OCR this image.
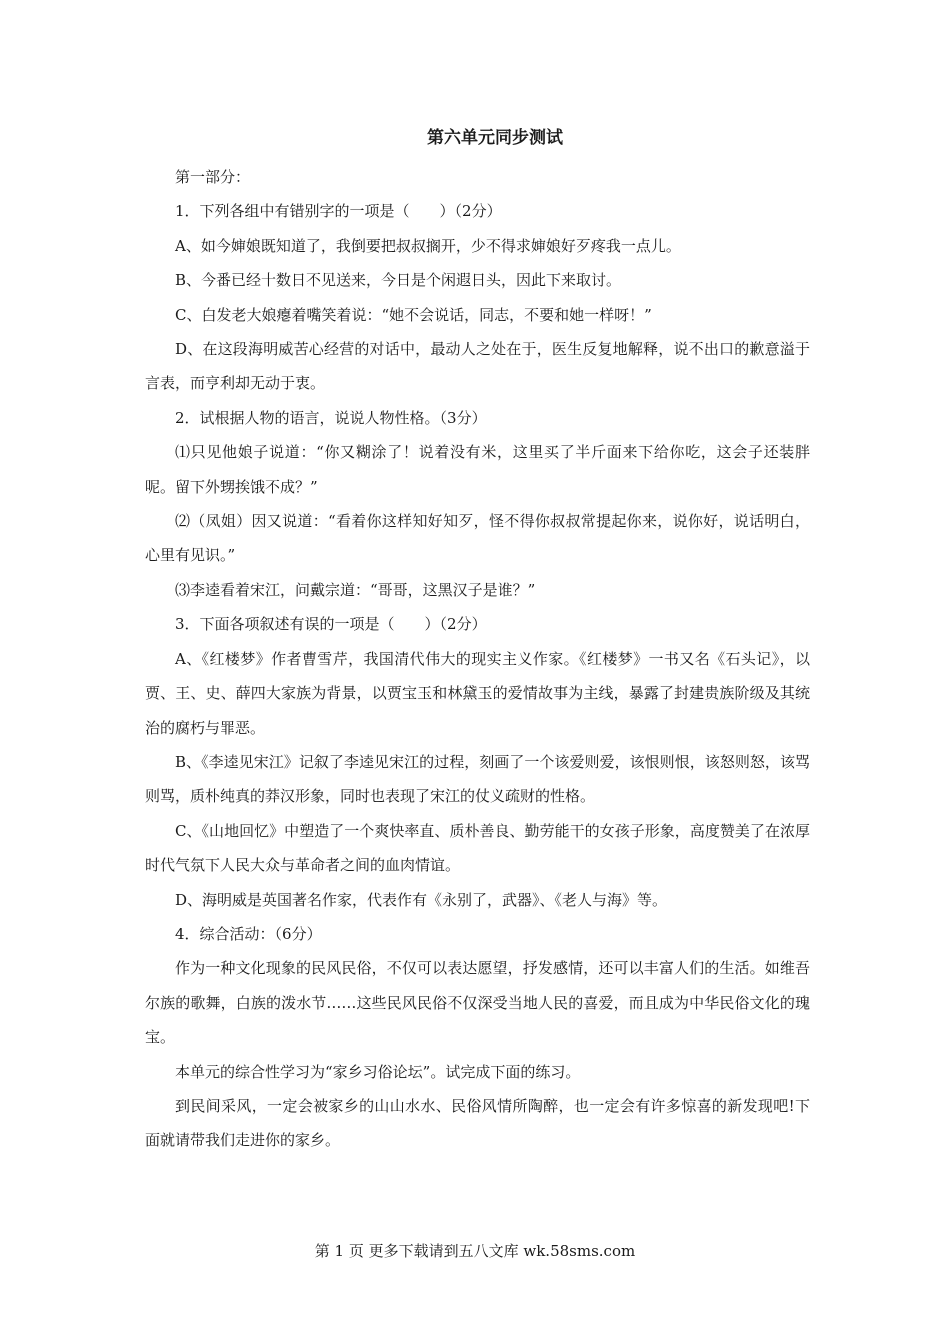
第六单元同步测试

第一部分：

1．下列各组中有错别字的一项是（　　）（2分）

A、如今婶娘既知道了，我倒要把叔叔搁开，少不得求婶娘好歹疼我一点儿。

B、今番已经十数日不见送来，今日是个闲遐日头，因此下来取讨。

C、白发老大娘瘪着嘴笑着说：“她不会说话，同志，不要和她一样呀！”

D、在这段海明威苦心经营的对话中，最动人之处在于，医生反复地解释，说不出口的歉意溢于言表，而亨利却无动于衷。

2．试根据人物的语言，说说人物性格。（3分）

⑴只见他娘子说道：“你又糊涂了！说着没有米，这里买了半斤面来下给你吃，这会子还装胖呢。留下外甥挨饿不成？”

⑵（凤姐）因又说道：“看着你这样知好知歹，怪不得你叔叔常提起你来，说你好，说话明白，心里有见识。”

⑶李逵看着宋江，问戴宗道：“哥哥，这黑汉子是谁？”

3．下面各项叙述有误的一项是（　　）（2分）

A、《红楼梦》作者曹雪芹，我国清代伟大的现实主义作家。《红楼梦》一书又名《石头记》，以贾、王、史、薛四大家族为背景，以贾宝玉和林黛玉的爱情故事为主线，暴露了封建贵族阶级及其统治的腐朽与罪恶。

B、《李逵见宋江》记叙了李逵见宋江的过程，刻画了一个该爱则爱，该恨则恨，该怒则怒，该骂则骂，质朴纯真的莽汉形象，同时也表现了宋江的仗义疏财的性格。

C、《山地回忆》中塑造了一个爽快率直、质朴善良、勤劳能干的女孩子形象，高度赞美了在浓厚时代气氛下人民大众与革命者之间的血肉情谊。

D、海明威是英国著名作家，代表作有《永别了，武器》、《老人与海》等。

4．综合活动：（6分）

作为一种文化现象的民风民俗，不仅可以表达愿望，抒发感情，还可以丰富人们的生活。如维吾尔族的歌舞，白族的泼水节……这些民风民俗不仅深受当地人民的喜爱，而且成为中华民俗文化的瑰宝。

本单元的综合性学习为“家乡习俗论坛”。试完成下面的练习。

到民间采风，一定会被家乡的山山水水、民俗风情所陶醉，也一定会有许多惊喜的新发现吧!下面就请带我们走进你的家乡。

第 1 页 更多下载请到五八文库 wk.58sms.com
